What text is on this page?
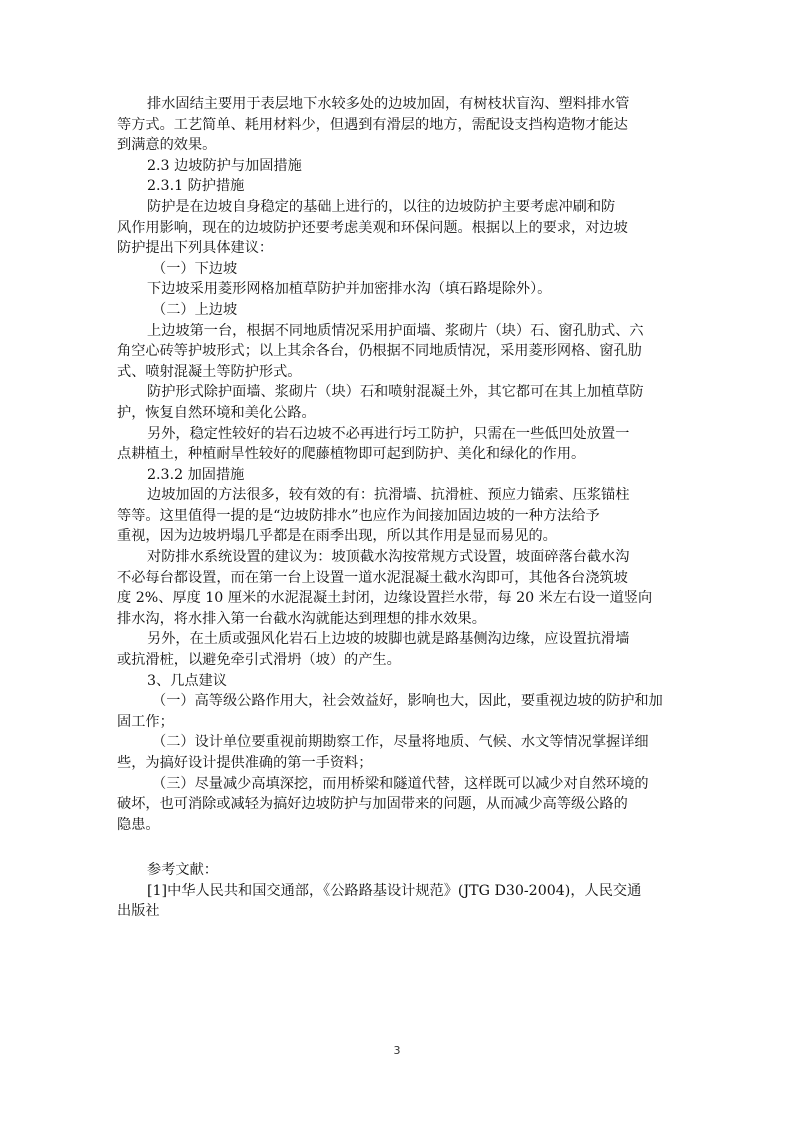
排水固结主要用于表层地下水较多处的边坡加固，有树枝状盲沟、塑料排水管
等方式。工艺简单、耗用材料少，但遇到有滑层的地方，需配设支挡构造物才能达
到满意的效果。
2.3 边坡防护与加固措施
2.3.1 防护措施
防护是在边坡自身稳定的基础上进行的，以往的边坡防护主要考虑冲刷和防
风作用影响，现在的边坡防护还要考虑美观和环保问题。根据以上的要求，对边坡
防护提出下列具体建议：
（一）下边坡
下边坡采用菱形网格加植草防护并加密排水沟（填石路堤除外）。
（二）上边坡
上边坡第一台，根据不同地质情况采用护面墙、浆砌片（块）石、窗孔肋式、六
角空心砖等护坡形式；以上其余各台，仍根据不同地质情况，采用菱形网格、窗孔肋
式、喷射混凝土等防护形式。
防护形式除护面墙、浆砌片（块）石和喷射混凝土外，其它都可在其上加植草防
护，恢复自然环境和美化公路。
另外，稳定性较好的岩石边坡不必再进行圬工防护，只需在一些低凹处放置一
点耕植土，种植耐旱性较好的爬藤植物即可起到防护、美化和绿化的作用。
2.3.2 加固措施
边坡加固的方法很多，较有效的有：抗滑墙、抗滑桩、预应力锚索、压浆锚柱
等等。这里值得一提的是“边坡防排水”也应作为间接加固边坡的一种方法给予
重视，因为边坡坍塌几乎都是在雨季出现，所以其作用是显而易见的。
对防排水系统设置的建议为：坡顶截水沟按常规方式设置，坡面碎落台截水沟
不必每台都设置，而在第一台上设置一道水泥混凝土截水沟即可，其他各台浇筑坡
度 2%、厚度 10 厘米的水泥混凝土封闭，边缘设置拦水带，每 20 米左右设一道竖向
排水沟，将水排入第一台截水沟就能达到理想的排水效果。
另外，在土质或强风化岩石上边坡的坡脚也就是路基侧沟边缘，应设置抗滑墙
或抗滑桩，以避免牵引式滑坍（坡）的产生。
3、几点建议
（一）高等级公路作用大，社会效益好，影响也大，因此，要重视边坡的防护和加
固工作；
（二）设计单位要重视前期勘察工作，尽量将地质、气候、水文等情况掌握详细
些，为搞好设计提供准确的第一手资料；
（三）尽量减少高填深挖，而用桥梁和隧道代替，这样既可以减少对自然环境的
破坏，也可消除或减轻为搞好边坡防护与加固带来的问题，从而减少高等级公路的
隐患。
参考文献：
[1]中华人民共和国交通部，《公路路基设计规范》(JTG D30-2004)，人民交通
出版社
3
